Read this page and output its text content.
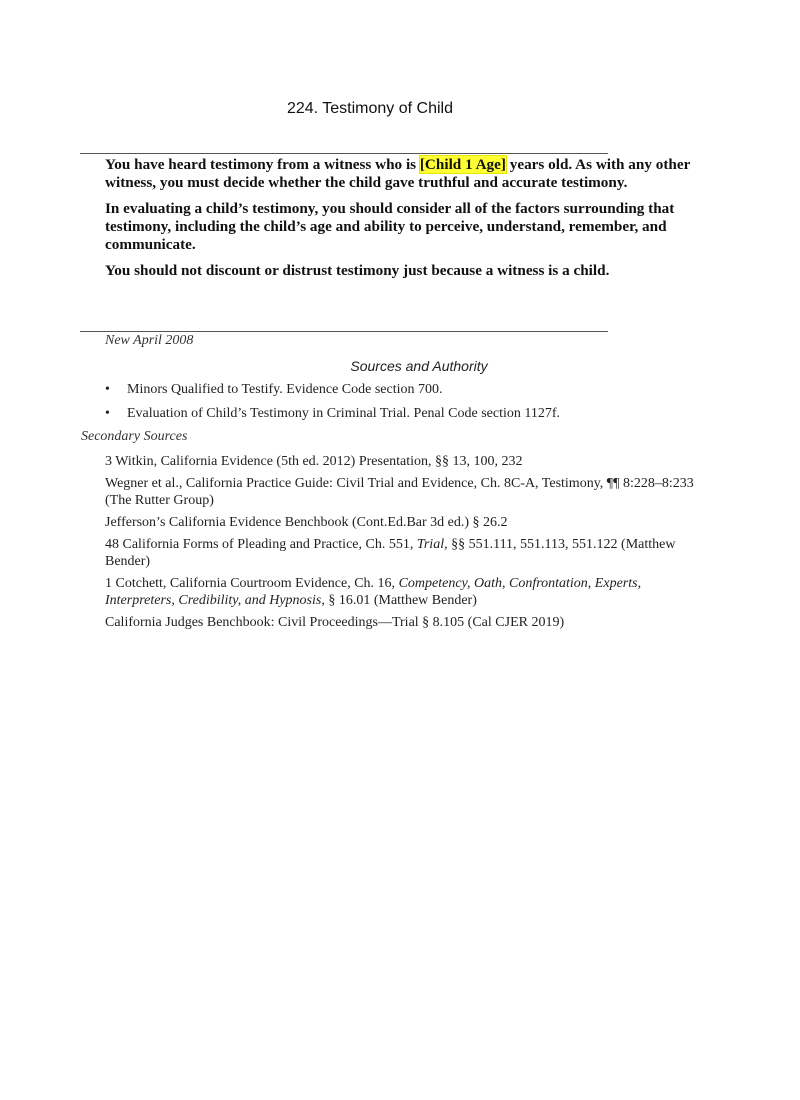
224. Testimony of Child

You have heard testimony from a witness who is [Child 1 Age] years old. As with any other witness, you must decide whether the child gave truthful and accurate testimony.

In evaluating a child’s testimony, you should consider all of the factors surrounding that testimony, including the child’s age and ability to perceive, understand, remember, and communicate.

You should not discount or distrust testimony just because a witness is a child.

New April 2008
Sources and Authority
• Minors Qualified to Testify. Evidence Code section 700.
• Evaluation of Child’s Testimony in Criminal Trial. Penal Code section 1127f.
Secondary Sources
3 Witkin, California Evidence (5th ed. 2012) Presentation, §§ 13, 100, 232
Wegner et al., California Practice Guide: Civil Trial and Evidence, Ch. 8C-A, Testimony, ¶¶ 8:228–8:233 (The Rutter Group)
Jefferson’s California Evidence Benchbook (Cont.Ed.Bar 3d ed.) § 26.2
48 California Forms of Pleading and Practice, Ch. 551, Trial, §§ 551.111, 551.113, 551.122 (Matthew Bender)
1 Cotchett, California Courtroom Evidence, Ch. 16, Competency, Oath, Confrontation, Experts, Interpreters, Credibility, and Hypnosis, § 16.01 (Matthew Bender)
California Judges Benchbook: Civil Proceedings—Trial § 8.105 (Cal CJER 2019)
